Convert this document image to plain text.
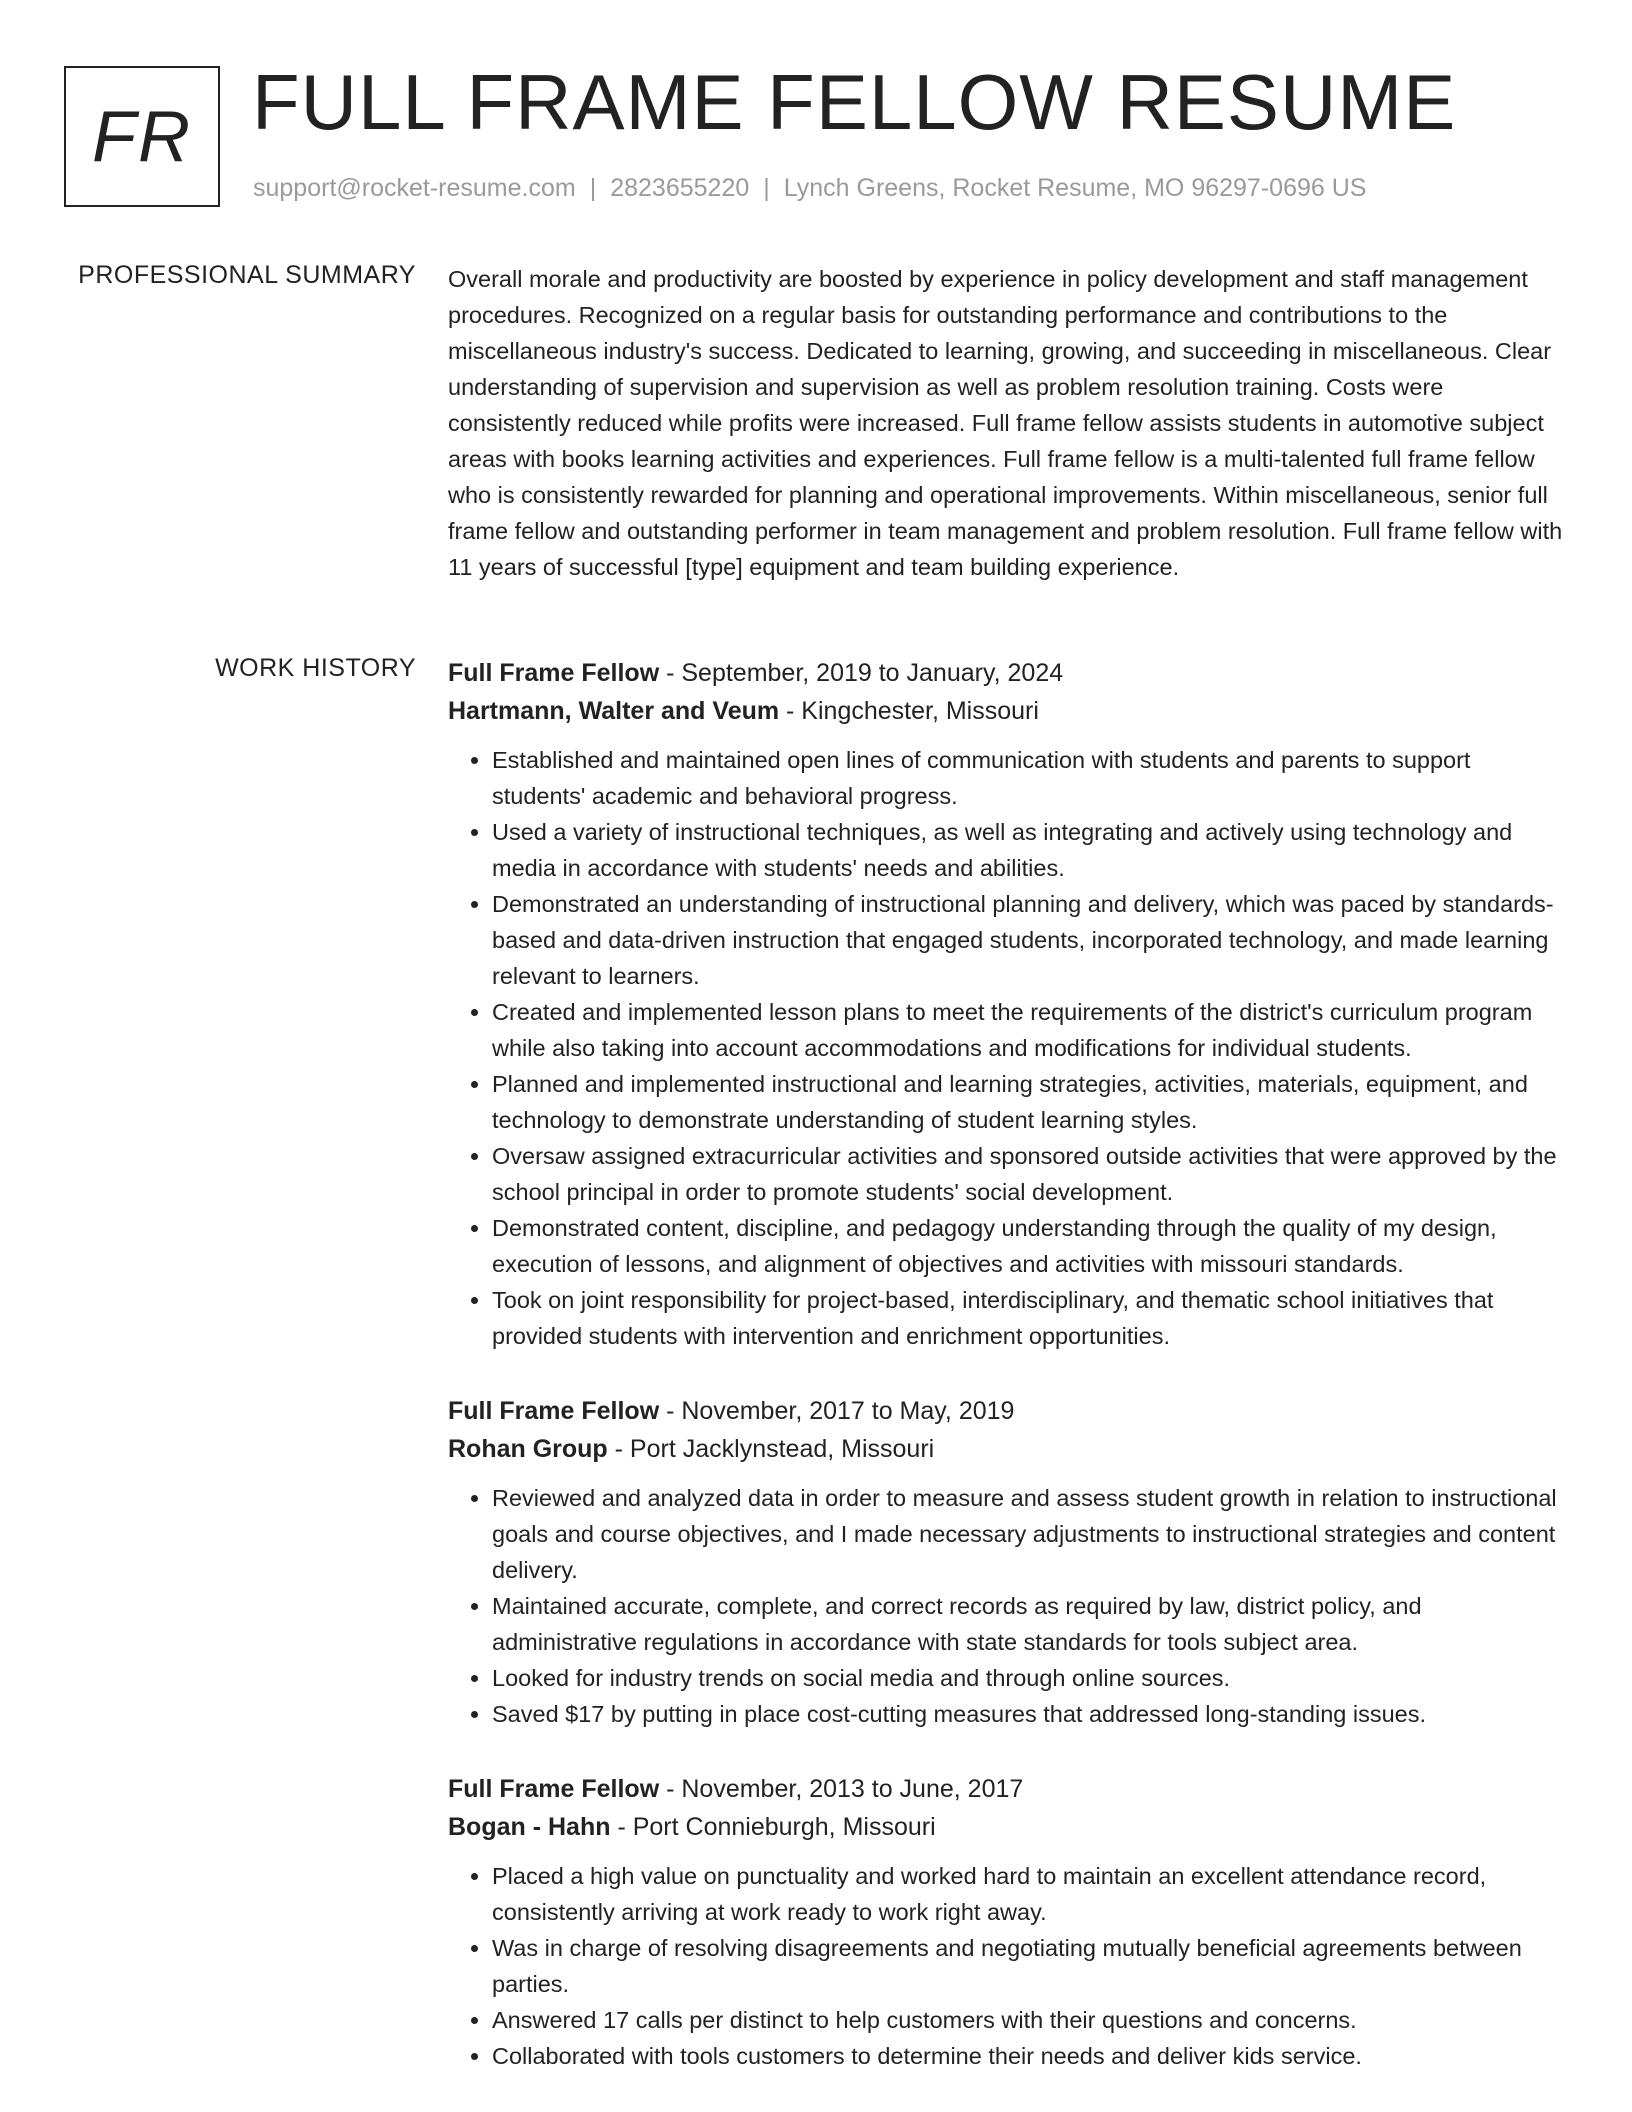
FR FULL FRAME FELLOW RESUME
support@rocket-resume.com | 2823655220 | Lynch Greens, Rocket Resume, MO 96297-0696 US
PROFESSIONAL SUMMARY Overall morale and productivity are boosted by experience in policy development and staff management procedures. Recognized on a regular basis for outstanding performance and contributions to the miscellaneous industry's success. Dedicated to learning, growing, and succeeding in miscellaneous. Clear understanding of supervision and supervision as well as problem resolution training. Costs were consistently reduced while profits were increased. Full frame fellow assists students in automotive subject areas with books learning activities and experiences. Full frame fellow is a multi-talented full frame fellow who is consistently rewarded for planning and operational improvements. Within miscellaneous, senior full frame fellow and outstanding performer in team management and problem resolution. Full frame fellow with 11 years of successful [type] equipment and team building experience.

WORK HISTORY Full Frame Fellow - September, 2019 to January, 2024
Hartmann, Walter and Veum - Kingchester, Missouri
• Established and maintained open lines of communication with students and parents to support students' academic and behavioral progress.
• Used a variety of instructional techniques, as well as integrating and actively using technology and media in accordance with students' needs and abilities.
• Demonstrated an understanding of instructional planning and delivery, which was paced by standards-based and data-driven instruction that engaged students, incorporated technology, and made learning relevant to learners.
• Created and implemented lesson plans to meet the requirements of the district's curriculum program while also taking into account accommodations and modifications for individual students.
• Planned and implemented instructional and learning strategies, activities, materials, equipment, and technology to demonstrate understanding of student learning styles.
• Oversaw assigned extracurricular activities and sponsored outside activities that were approved by the school principal in order to promote students' social development.
• Demonstrated content, discipline, and pedagogy understanding through the quality of my design, execution of lessons, and alignment of objectives and activities with missouri standards.
• Took on joint responsibility for project-based, interdisciplinary, and thematic school initiatives that provided students with intervention and enrichment opportunities.
Full Frame Fellow - November, 2017 to May, 2019
Rohan Group - Port Jacklynstead, Missouri
• Reviewed and analyzed data in order to measure and assess student growth in relation to instructional goals and course objectives, and I made necessary adjustments to instructional strategies and content delivery.
• Maintained accurate, complete, and correct records as required by law, district policy, and administrative regulations in accordance with state standards for tools subject area.
• Looked for industry trends on social media and through online sources.
• Saved $17 by putting in place cost-cutting measures that addressed long-standing issues.
Full Frame Fellow - November, 2013 to June, 2017
Bogan - Hahn - Port Connieburgh, Missouri
• Placed a high value on punctuality and worked hard to maintain an excellent attendance record, consistently arriving at work ready to work right away.
• Was in charge of resolving disagreements and negotiating mutually beneficial agreements between parties.
• Answered 17 calls per distinct to help customers with their questions and concerns.
• Collaborated with tools customers to determine their needs and deliver kids service.
